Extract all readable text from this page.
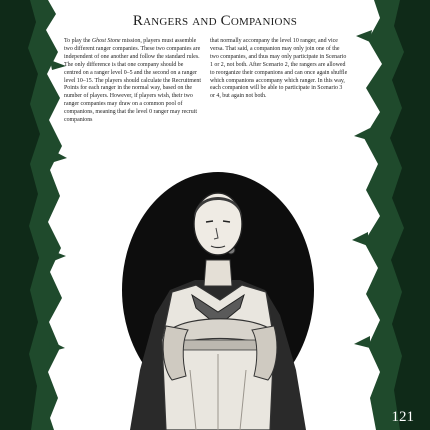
Rangers and Companions

To play the Ghost Stone mission, players must assemble two different ranger companies. These two companies are independent of one another and follow the standard rules. The only difference is that one company should be centred on a ranger level 0–5 and the second on a ranger level 10–15. The players should calculate the Recruitment Points for each ranger in the normal way, based on the number of players. However, if players wish, their two ranger companies may draw on a common pool of companions, meaning that the level 0 ranger may recruit companions

that normally accompany the level 10 ranger, and vice versa. That said, a companion may only join one of the two companies, and thus may only participate in Scenario 1 or 2, not both. After Scenario 2, the rangers are allowed to reorganize their companions and can once again shuffle which companions accompany which ranger. In this way, each companion will be able to participate in Scenario 3 or 4, but again not both.

121
